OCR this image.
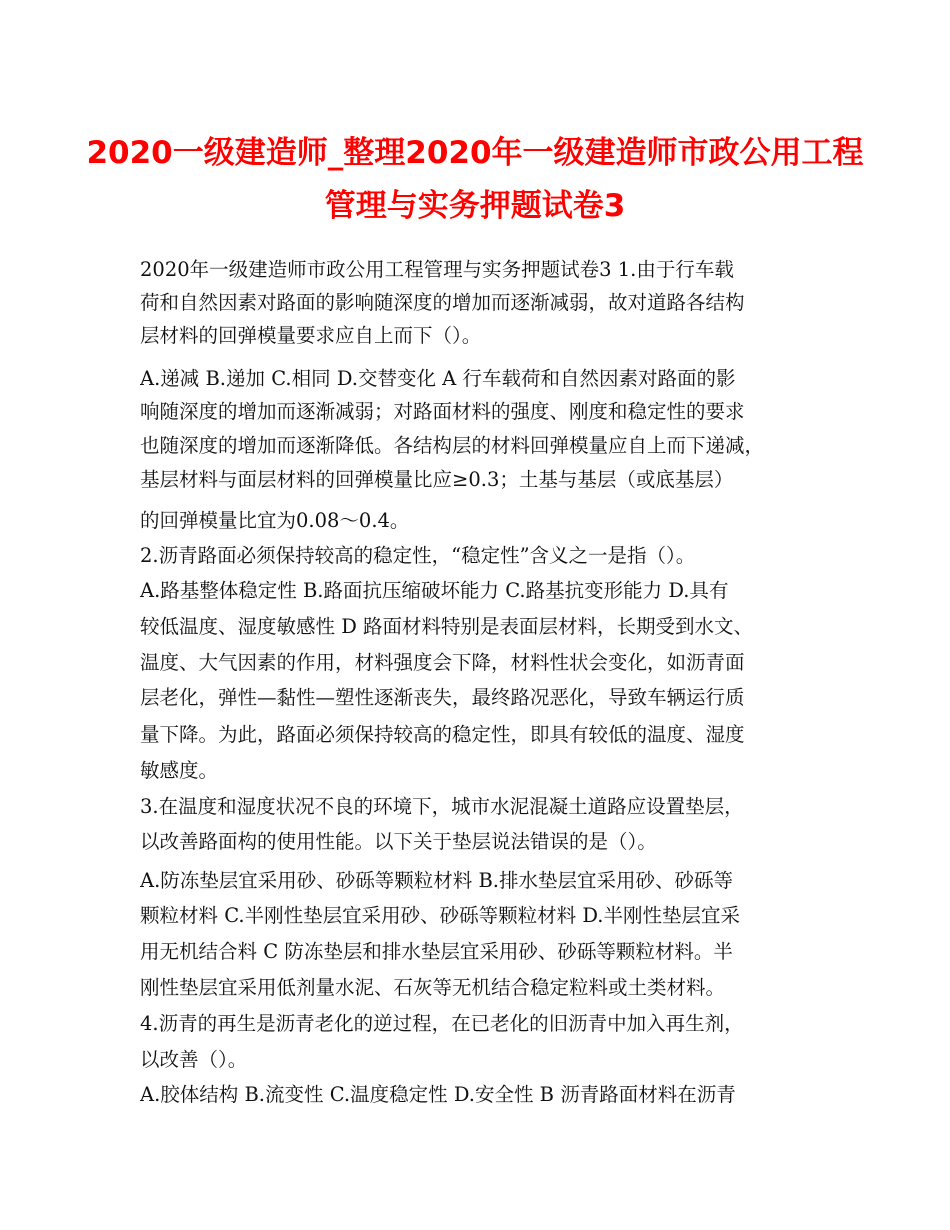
2020一级建造师_整理2020年一级建造师市政公用工程
管理与实务押题试卷3
2020年一级建造师市政公用工程管理与实务押题试卷3 1.由于行车载
荷和自然因素对路面的影响随深度的增加而逐渐减弱，故对道路各结构
层材料的回弹模量要求应自上而下（）。
A.递减 B.递加 C.相同 D.交替变化 A 行车载荷和自然因素对路面的影
响随深度的增加而逐渐减弱；对路面材料的强度、刚度和稳定性的要求
也随深度的增加而逐渐降低。各结构层的材料回弹模量应自上而下递减，
基层材料与面层材料的回弹模量比应≥0.3；土基与基层（或底基层）
的回弹模量比宜为0.08～0.4。
2.沥青路面必须保持较高的稳定性，“稳定性”含义之一是指（）。
A.路基整体稳定性 B.路面抗压缩破坏能力 C.路基抗变形能力 D.具有
较低温度、湿度敏感性 D 路面材料特别是表面层材料，长期受到水文、
温度、大气因素的作用，材料强度会下降，材料性状会变化，如沥青面
层老化，弹性—黏性—塑性逐渐丧失，最终路况恶化，导致车辆运行质
量下降。为此，路面必须保持较高的稳定性，即具有较低的温度、湿度
敏感度。
3.在温度和湿度状况不良的环境下，城市水泥混凝土道路应设置垫层，
以改善路面构的使用性能。以下关于垫层说法错误的是（）。
A.防冻垫层宜采用砂、砂砾等颗粒材料 B.排水垫层宜采用砂、砂砾等
颗粒材料 C.半刚性垫层宜采用砂、砂砾等颗粒材料 D.半刚性垫层宜采
用无机结合料 C 防冻垫层和排水垫层宜采用砂、砂砾等颗粒材料。半
刚性垫层宜采用低剂量水泥、石灰等无机结合稳定粒料或土类材料。
4.沥青的再生是沥青老化的逆过程，在已老化的旧沥青中加入再生剂，
以改善（）。
A.胶体结构 B.流变性 C.温度稳定性 D.安全性 B 沥青路面材料在沥青
